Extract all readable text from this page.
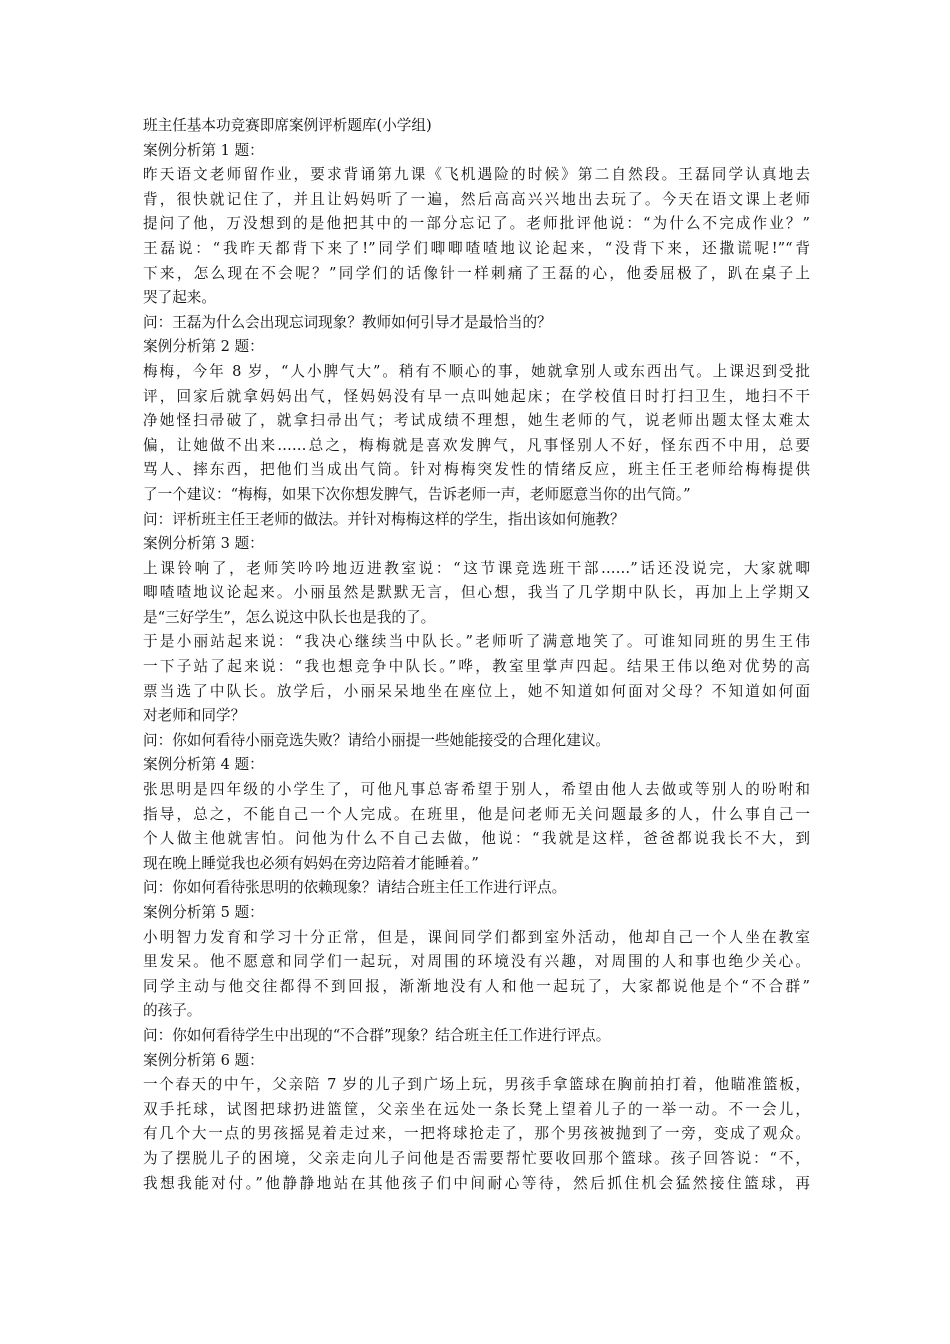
班主任基本功竞赛即席案例评析题库(小学组)
案例分析第 1 题：
昨天语文老师留作业，要求背诵第九课《飞机遇险的时候》第二自然段。王磊同学认真地去
背，很快就记住了，并且让妈妈听了一遍，然后高高兴兴地出去玩了。今天在语文课上老师
提问了他，万没想到的是他把其中的一部分忘记了。老师批评他说：“为什么不完成作业？”
王磊说：“我昨天都背下来了!”同学们唧唧喳喳地议论起来，“没背下来，还撒谎呢!”“背
下来，怎么现在不会呢？”同学们的话像针一样刺痛了王磊的心，他委屈极了，趴在桌子上
哭了起来。
问：王磊为什么会出现忘词现象？教师如何引导才是最恰当的？
案例分析第 2 题：
梅梅，今年 8 岁，“人小脾气大”。稍有不顺心的事，她就拿别人或东西出气。上课迟到受批
评，回家后就拿妈妈出气，怪妈妈没有早一点叫她起床；在学校值日时打扫卫生，地扫不干
净她怪扫帚破了，就拿扫帚出气；考试成绩不理想，她生老师的气，说老师出题太怪太难太
偏，让她做不出来……总之，梅梅就是喜欢发脾气，凡事怪别人不好，怪东西不中用，总要
骂人、摔东西，把他们当成出气筒。针对梅梅突发性的情绪反应，班主任王老师给梅梅提供
了一个建议：“梅梅，如果下次你想发脾气，告诉老师一声，老师愿意当你的出气筒。”
问：评析班主任王老师的做法。并针对梅梅这样的学生，指出该如何施教？
案例分析第 3 题：
上课铃响了，老师笑吟吟地迈进教室说：“这节课竞选班干部……”话还没说完，大家就唧
唧喳喳地议论起来。小丽虽然是默默无言，但心想，我当了几学期中队长，再加上上学期又
是“三好学生”，怎么说这中队长也是我的了。
于是小丽站起来说：“我决心继续当中队长。”老师听了满意地笑了。可谁知同班的男生王伟
一下子站了起来说：“我也想竞争中队长。”哗，教室里掌声四起。结果王伟以绝对优势的高
票当选了中队长。放学后，小丽呆呆地坐在座位上，她不知道如何面对父母？不知道如何面
对老师和同学？
问：你如何看待小丽竞选失败？请给小丽提一些她能接受的合理化建议。
案例分析第 4 题：
张思明是四年级的小学生了，可他凡事总寄希望于别人，希望由他人去做或等别人的吩咐和
指导，总之，不能自己一个人完成。在班里，他是问老师无关问题最多的人，什么事自己一
个人做主他就害怕。问他为什么不自己去做，他说：“我就是这样，爸爸都说我长不大，到
现在晚上睡觉我也必须有妈妈在旁边陪着才能睡着。”
问：你如何看待张思明的依赖现象？请结合班主任工作进行评点。
案例分析第 5 题：
小明智力发育和学习十分正常，但是，课间同学们都到室外活动，他却自己一个人坐在教室
里发呆。他不愿意和同学们一起玩，对周围的环境没有兴趣，对周围的人和事也绝少关心。
同学主动与他交往都得不到回报，渐渐地没有人和他一起玩了，大家都说他是个“不合群”
的孩子。
问：你如何看待学生中出现的“不合群”现象？结合班主任工作进行评点。
案例分析第 6 题：
一个春天的中午，父亲陪 7 岁的儿子到广场上玩，男孩手拿篮球在胸前拍打着，他瞄准篮板，
双手托球，试图把球扔进篮筐，父亲坐在远处一条长凳上望着儿子的一举一动。不一会儿，
有几个大一点的男孩摇晃着走过来，一把将球抢走了，那个男孩被抛到了一旁，变成了观众。
为了摆脱儿子的困境，父亲走向儿子问他是否需要帮忙要收回那个篮球。孩子回答说：“不，
我想我能对付。”他静静地站在其他孩子们中间耐心等待，然后抓住机会猛然接住篮球，再
